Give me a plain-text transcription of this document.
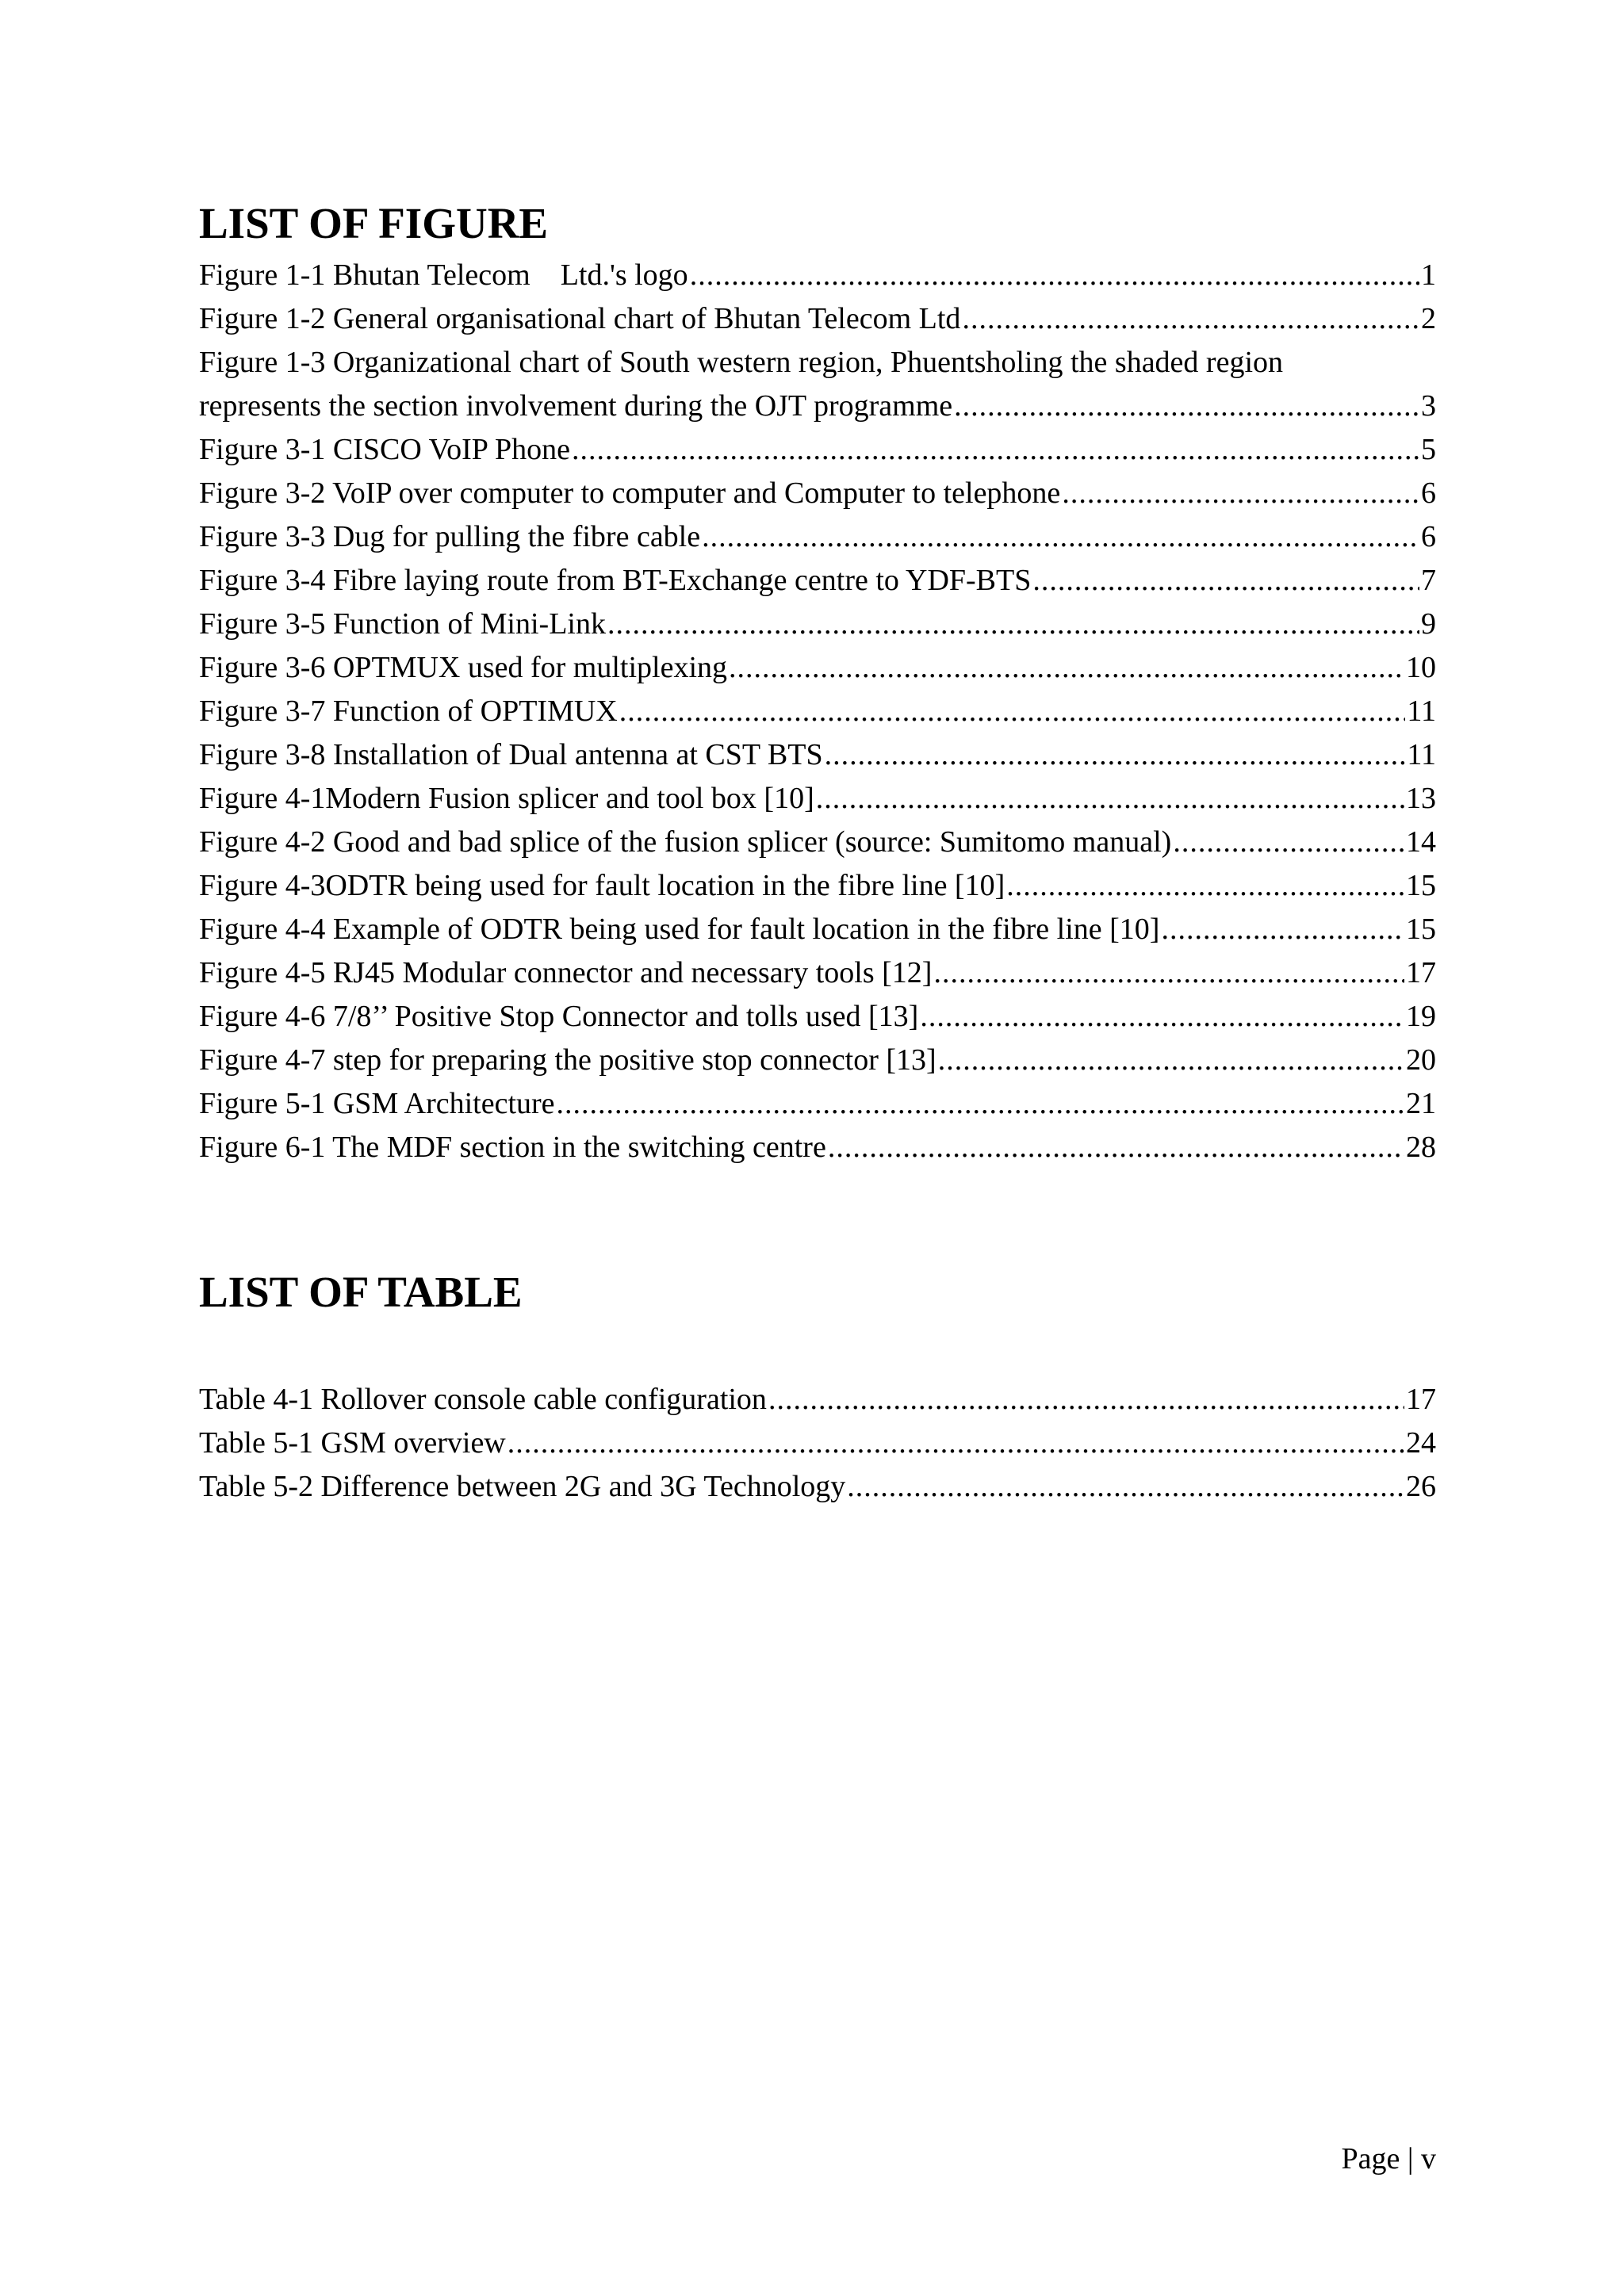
LIST OF FIGURE
Figure 1-1 Bhutan Telecom    Ltd.'s logo .....	1
Figure 1-2 General organisational chart of Bhutan Telecom Ltd .....	2
Figure 1-3 Organizational chart of South western region, Phuentsholing the shaded region
represents the section involvement during the OJT programme .....	3
Figure 3-1 CISCO VoIP Phone .....	5
Figure 3-2 VoIP over computer to computer and Computer to telephone .....	6
Figure 3-3 Dug for pulling the fibre cable .....	6
Figure 3-4 Fibre laying route from BT-Exchange centre to YDF-BTS .....	7
Figure 3-5 Function of Mini-Link .....	9
Figure 3-6 OPTMUX used for multiplexing .....	10
Figure 3-7 Function of OPTIMUX .....	11
Figure 3-8 Installation of Dual antenna at CST BTS .....	11
Figure 4-1Modern Fusion splicer and tool box [10] .....	13
Figure 4-2 Good and bad splice of the fusion splicer (source: Sumitomo manual) .....	14
Figure 4-3ODTR being used for fault location in the fibre line [10] .....	15
Figure 4-4 Example of ODTR being used for fault location in the fibre line [10] .....	15
Figure 4-5 RJ45 Modular connector and necessary tools [12] .....	17
Figure 4-6 7/8’’ Positive Stop Connector and tolls used [13] .....	19
Figure 4-7 step for preparing the positive stop connector [13] .....	20
Figure 5-1 GSM Architecture .....	21
Figure 6-1 The MDF section in the switching centre .....	28
LIST OF TABLE
Table 4-1 Rollover console cable configuration .....	17
Table 5-1 GSM overview .....	24
Table 5-2 Difference between 2G and 3G Technology .....	26
Page | v
